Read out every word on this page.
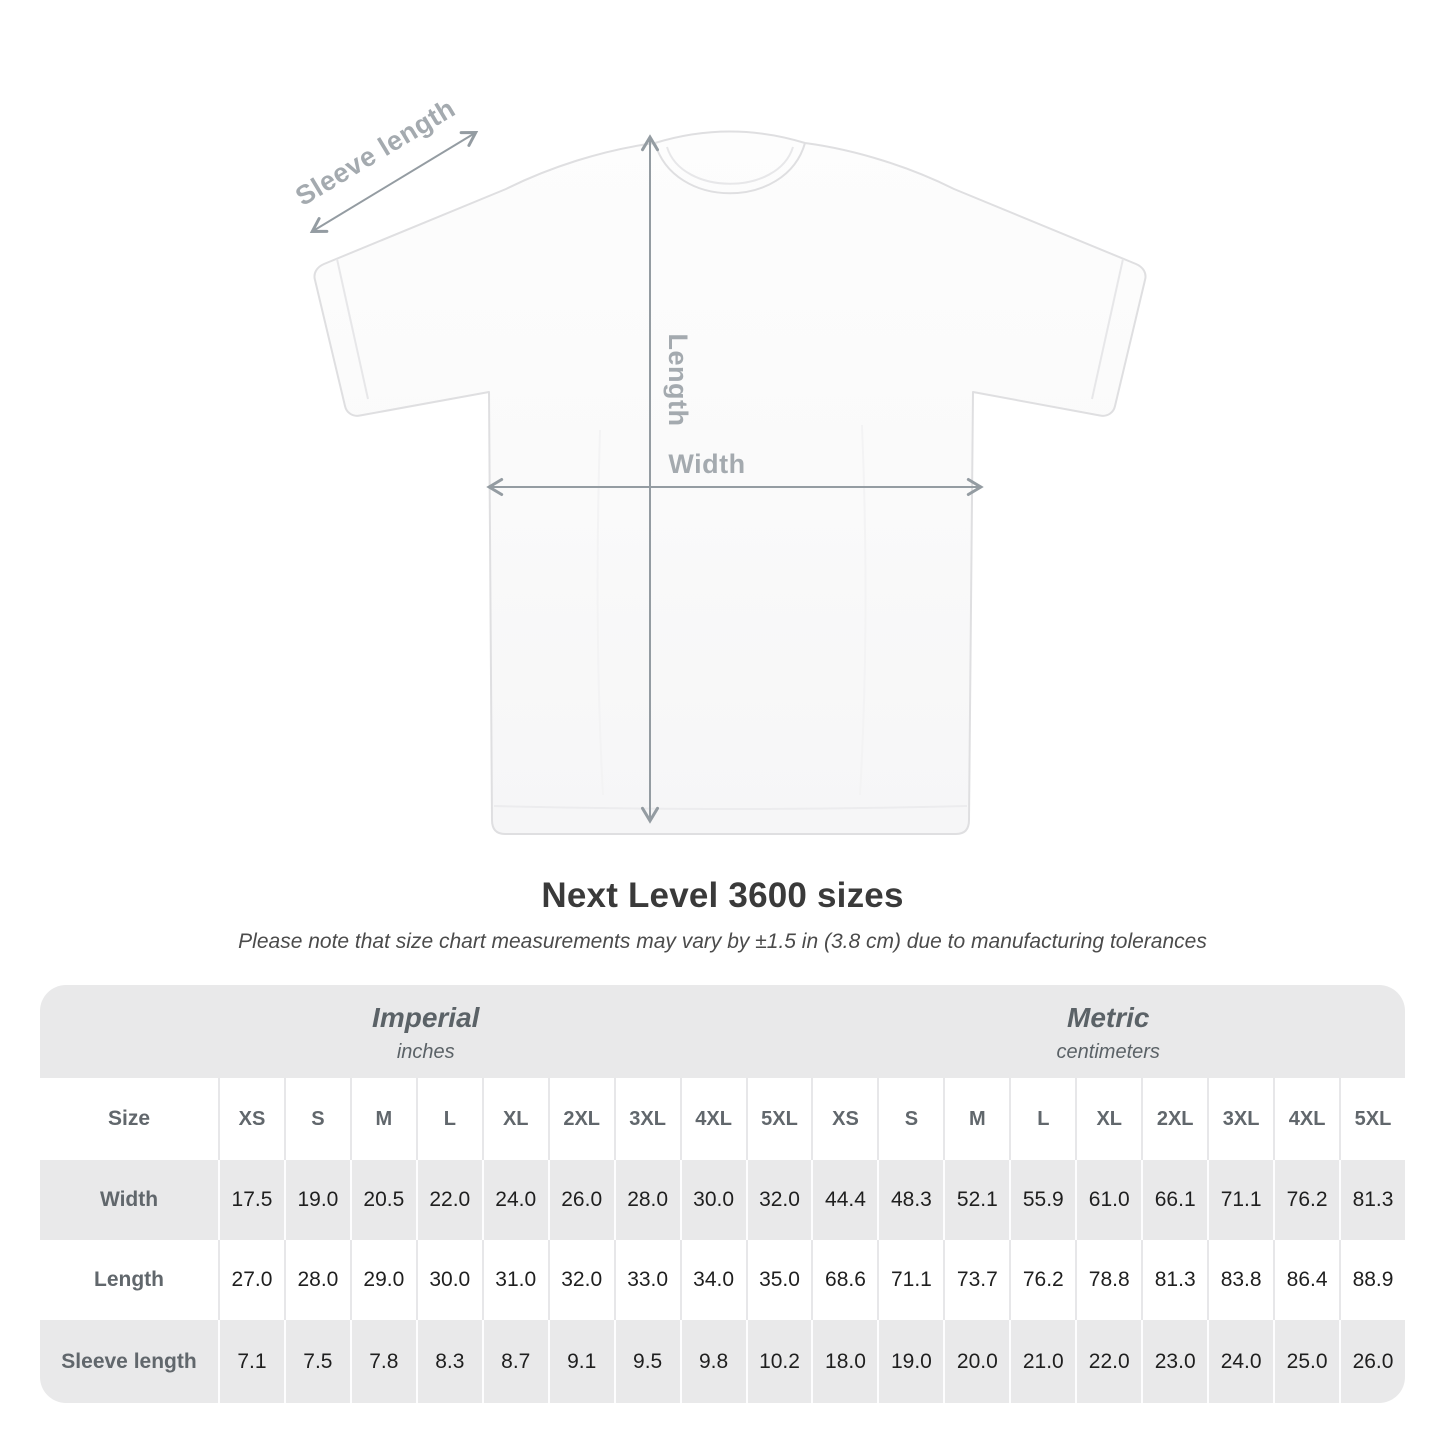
Sleeve length
Length
Width
Next Level 3600 sizes
Please note that size chart measurements may vary by ±1.5 in (3.8 cm) due to manufacturing tolerances
Imperial
inches
Metric
centimeters
Size	XS	S	M	L	XL	2XL	3XL	4XL	5XL	XS	S	M	L	XL	2XL	3XL	4XL	5XL
Width	17.5	19.0	20.5	22.0	24.0	26.0	28.0	30.0	32.0	44.4	48.3	52.1	55.9	61.0	66.1	71.1	76.2	81.3
Length	27.0	28.0	29.0	30.0	31.0	32.0	33.0	34.0	35.0	68.6	71.1	73.7	76.2	78.8	81.3	83.8	86.4	88.9
Sleeve length	7.1	7.5	7.8	8.3	8.7	9.1	9.5	9.8	10.2	18.0	19.0	20.0	21.0	22.0	23.0	24.0	25.0	26.0
